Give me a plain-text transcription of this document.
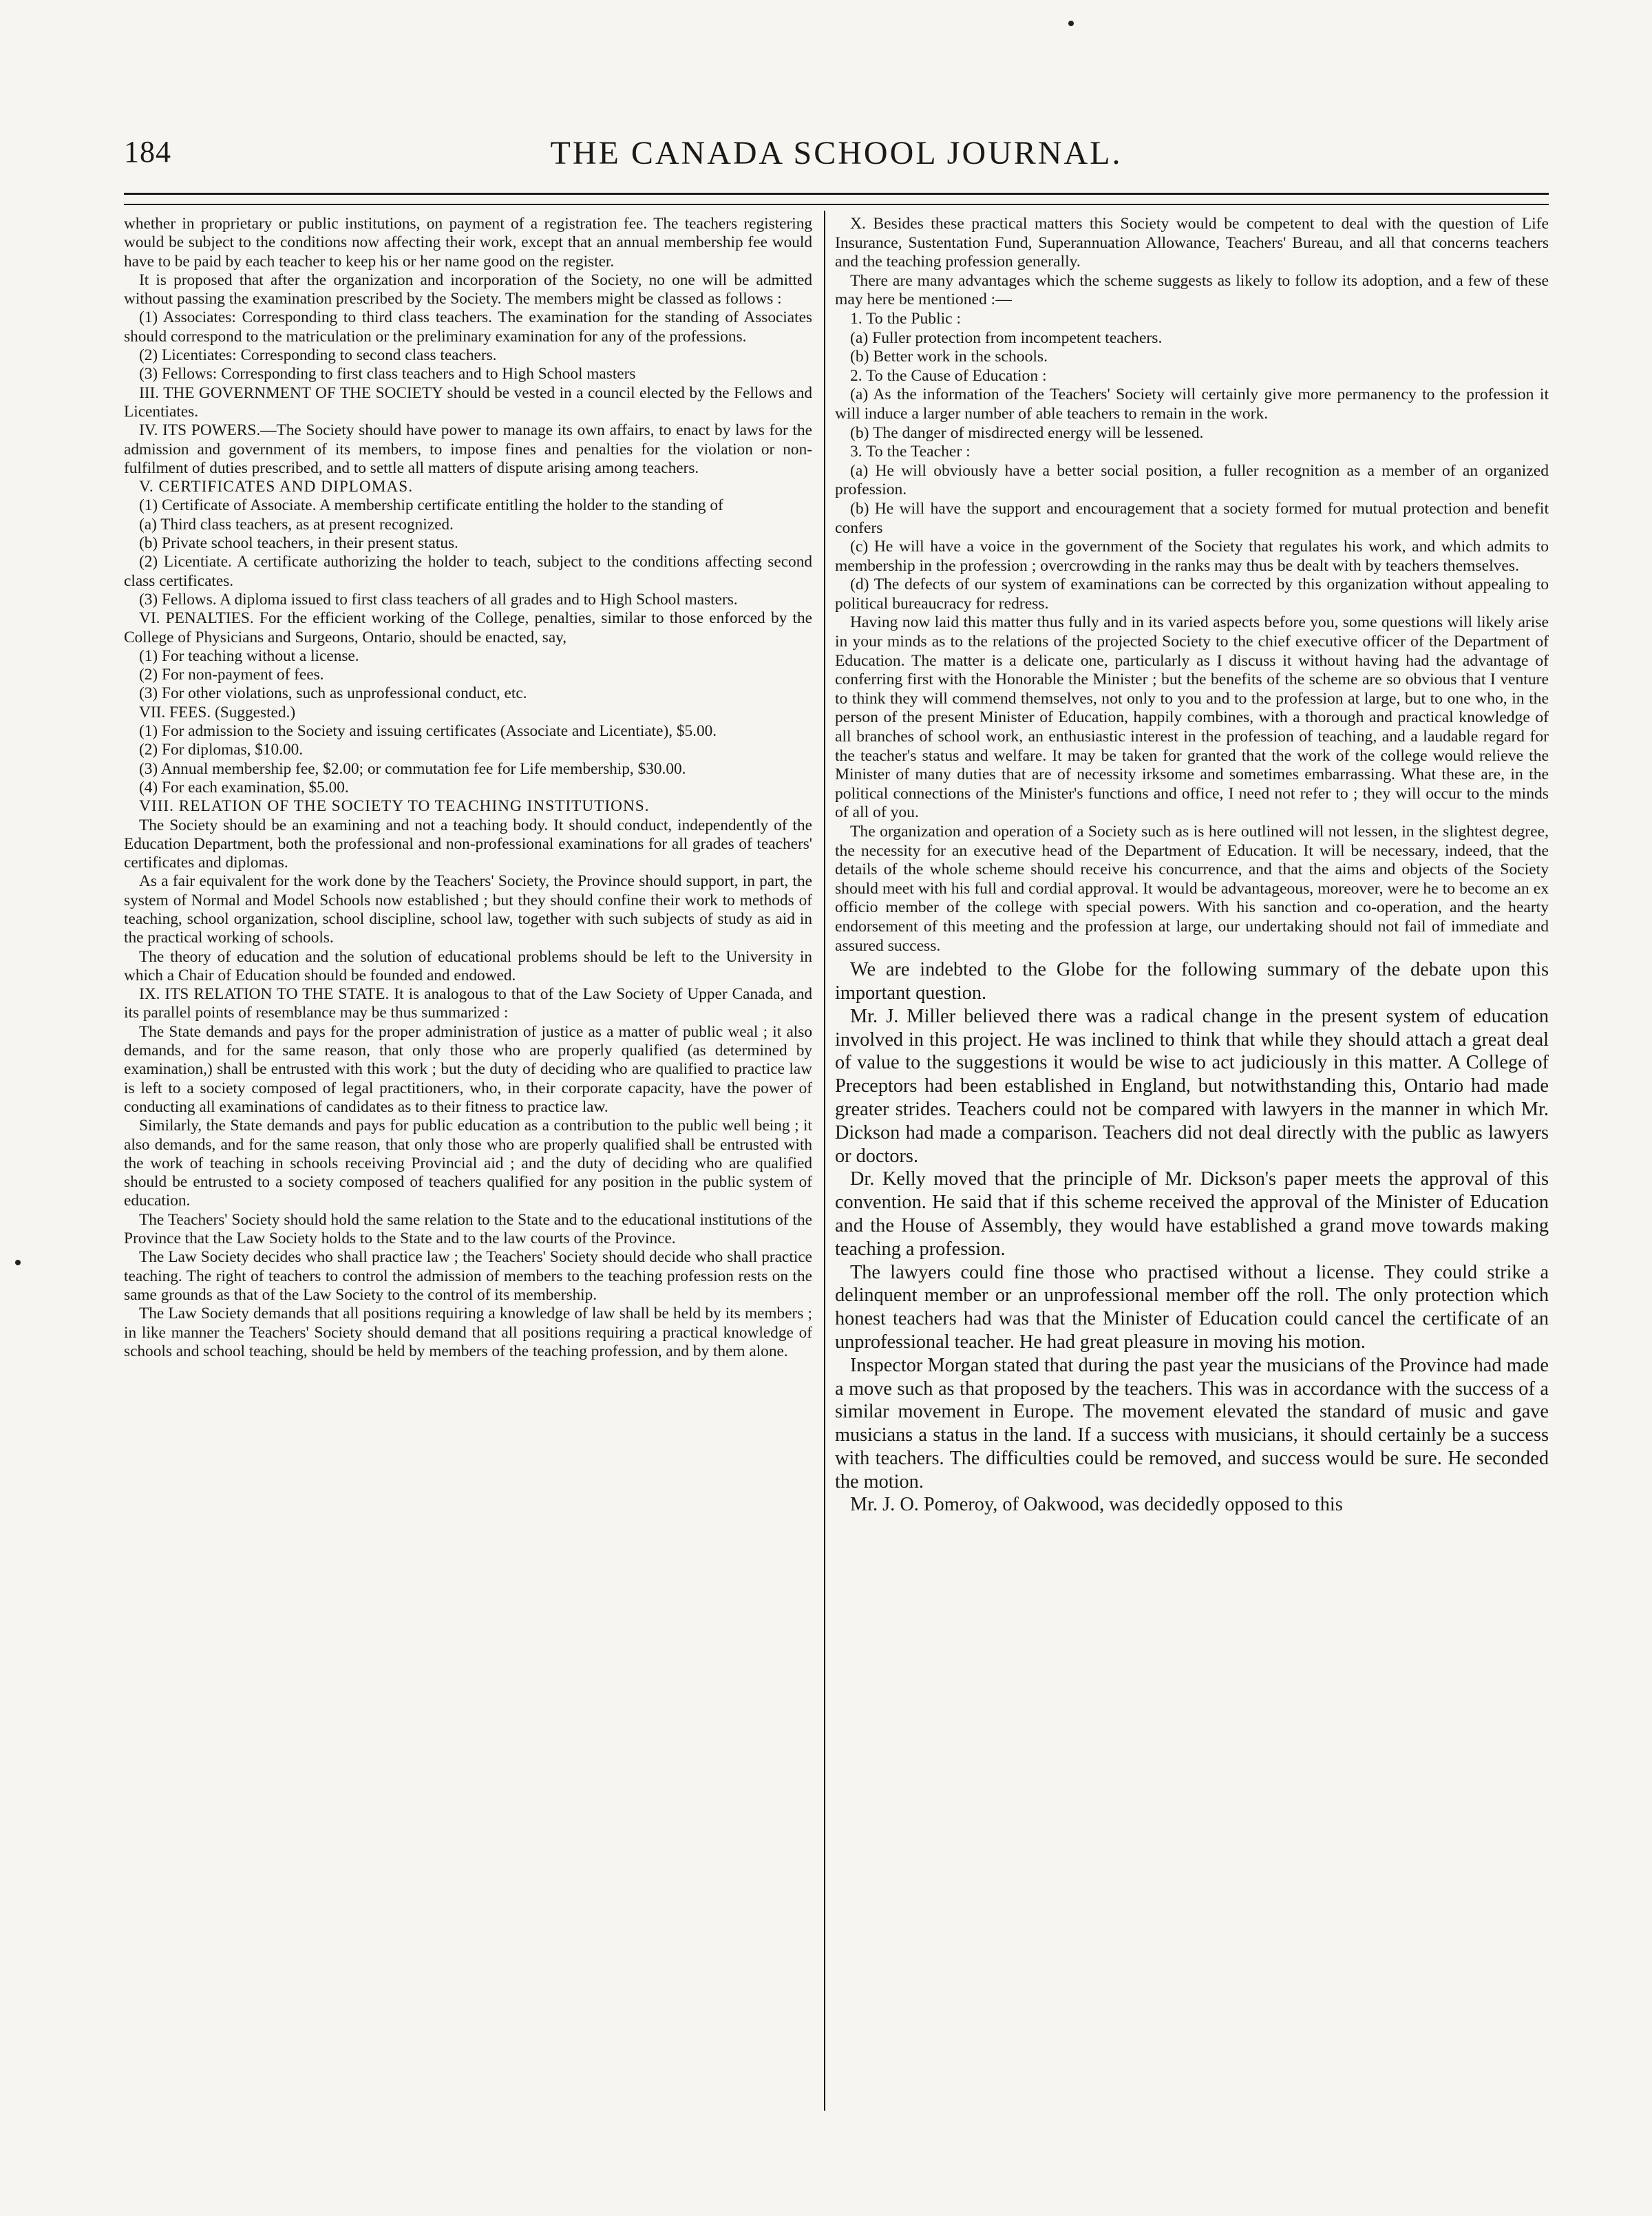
THE CANADA SCHOOL JOURNAL.
184

whether in proprietary or public institutions, on payment of a registration fee. The teachers registering would be subject to the conditions now affecting their work, except that an annual membership fee would have to be paid by each teacher to keep his or her name good on the register.

It is proposed that after the organization and incorporation of the Society, no one will be admitted without passing the examination prescribed by the Society. The members might be classed as follows :

(1) Associates: Corresponding to third class teachers. The examination for the standing of Associates should correspond to the matriculation or the preliminary examination for any of the professions.

(2) Licentiates: Corresponding to second class teachers.

(3) Fellows: Corresponding to first class teachers and to High School masters

III. THE GOVERNMENT OF THE SOCIETY should be vested in a council elected by the Fellows and Licentiates.

IV. ITS POWERS.—The Society should have power to manage its own affairs, to enact by laws for the admission and government of its members, to impose fines and penalties for the violation or non-fulfilment of duties prescribed, and to settle all matters of dispute arising among teachers.

V. CERTIFICATES AND DIPLOMAS.

(1) Certificate of Associate. A membership certificate entitling the holder to the standing of

(a) Third class teachers, as at present recognized.

(b) Private school teachers, in their present status.

(2) Licentiate. A certificate authorizing the holder to teach, subject to the conditions affecting second class certificates.

(3) Fellows. A diploma issued to first class teachers of all grades and to High School masters.

VI. PENALTIES. For the efficient working of the College, penalties, similar to those enforced by the College of Physicians and Surgeons, Ontario, should be enacted, say,

(1) For teaching without a license.

(2) For non-payment of fees.

(3) For other violations, such as unprofessional conduct, etc.

VII. FEES. (Suggested.)

(1) For admission to the Society and issuing certificates (Associate and Licentiate), $5.00.

(2) For diplomas, $10.00.

(3) Annual membership fee, $2.00; or commutation fee for Life membership, $30.00.

(4) For each examination, $5.00.

VIII. RELATION OF THE SOCIETY TO TEACHING INSTITUTIONS.

The Society should be an examining and not a teaching body. It should conduct, independently of the Education Department, both the professional and non-professional examinations for all grades of teachers' certificates and diplomas.

As a fair equivalent for the work done by the Teachers' Society, the Province should support, in part, the system of Normal and Model Schools now established ; but they should confine their work to methods of teaching, school organization, school discipline, school law, together with such subjects of study as aid in the practical working of schools.

The theory of education and the solution of educational problems should be left to the University in which a Chair of Education should be founded and endowed.

IX. ITS RELATION TO THE STATE. It is analogous to that of the Law Society of Upper Canada, and its parallel points of resemblance may be thus summarized :

The State demands and pays for the proper administration of justice as a matter of public weal ; it also demands, and for the same reason, that only those who are properly qualified (as determined by examination,) shall be entrusted with this work ; but the duty of deciding who are qualified to practice law is left to a society composed of legal practitioners, who, in their corporate capacity, have the power of conducting all examinations of candidates as to their fitness to practice law.

Similarly, the State demands and pays for public education as a contribution to the public well being ; it also demands, and for the same reason, that only those who are properly qualified shall be entrusted with the work of teaching in schools receiving Provincial aid ; and the duty of deciding who are qualified should be entrusted to a society composed of teachers qualified for any position in the public system of education.

The Teachers' Society should hold the same relation to the State and to the educational institutions of the Province that the Law Society holds to the State and to the law courts of the Province.

The Law Society decides who shall practice law ; the Teachers' Society should decide who shall practice teaching. The right of teachers to control the admission of members to the teaching profession rests on the same grounds as that of the Law Society to the control of its membership.

The Law Society demands that all positions requiring a knowledge of law shall be held by its members ; in like manner the Teachers' Society should demand that all positions requiring a practical knowledge of schools and school teaching, should be held by members of the teaching profession, and by them alone.

X. Besides these practical matters this Society would be competent to deal with the question of Life Insurance, Sustentation Fund, Superannuation Allowance, Teachers' Bureau, and all that concerns teachers and the teaching profession generally.

There are many advantages which the scheme suggests as likely to follow its adoption, and a few of these may here be mentioned :—

1. To the Public :

(a) Fuller protection from incompetent teachers.

(b) Better work in the schools.

2. To the Cause of Education :

(a) As the information of the Teachers' Society will certainly give more permanency to the profession it will induce a larger number of able teachers to remain in the work.

(b) The danger of misdirected energy will be lessened.

3. To the Teacher :

(a) He will obviously have a better social position, a fuller recognition as a member of an organized profession.

(b) He will have the support and encouragement that a society formed for mutual protection and benefit confers

(c) He will have a voice in the government of the Society that regulates his work, and which admits to membership in the profession ; overcrowding in the ranks may thus be dealt with by teachers themselves.

(d) The defects of our system of examinations can be corrected by this organization without appealing to political bureaucracy for redress.

Having now laid this matter thus fully and in its varied aspects before you, some questions will likely arise in your minds as to the relations of the projected Society to the chief executive officer of the Department of Education. The matter is a delicate one, particularly as I discuss it without having had the advantage of conferring first with the Honorable the Minister ; but the benefits of the scheme are so obvious that I venture to think they will commend themselves, not only to you and to the profession at large, but to one who, in the person of the present Minister of Education, happily combines, with a thorough and practical knowledge of all branches of school work, an enthusiastic interest in the profession of teaching, and a laudable regard for the teacher's status and welfare. It may be taken for granted that the work of the college would relieve the Minister of many duties that are of necessity irksome and sometimes embarrassing. What these are, in the political connections of the Minister's functions and office, I need not refer to ; they will occur to the minds of all of you.

The organization and operation of a Society such as is here outlined will not lessen, in the slightest degree, the necessity for an executive head of the Department of Education. It will be necessary, indeed, that the details of the whole scheme should receive his concurrence, and that the aims and objects of the Society should meet with his full and cordial approval. It would be advantageous, moreover, were he to become an ex officio member of the college with special powers. With his sanction and co-operation, and the hearty endorsement of this meeting and the profession at large, our undertaking should not fail of immediate and assured success.

We are indebted to the Globe for the following summary of the debate upon this important question.

Mr. J. Miller believed there was a radical change in the present system of education involved in this project. He was inclined to think that while they should attach a great deal of value to the suggestions it would be wise to act judiciously in this matter. A College of Preceptors had been established in England, but notwithstanding this, Ontario had made greater strides. Teachers could not be compared with lawyers in the manner in which Mr. Dickson had made a comparison. Teachers did not deal directly with the public as lawyers or doctors.

Dr. Kelly moved that the principle of Mr. Dickson's paper meets the approval of this convention. He said that if this scheme received the approval of the Minister of Education and the House of Assembly, they would have established a grand move towards making teaching a profession.

The lawyers could fine those who practised without a license. They could strike a delinquent member or an unprofessional member off the roll. The only protection which honest teachers had was that the Minister of Education could cancel the certificate of an unprofessional teacher. He had great pleasure in moving his motion.

Inspector Morgan stated that during the past year the musicians of the Province had made a move such as that proposed by the teachers. This was in accordance with the success of a similar movement in Europe. The movement elevated the standard of music and gave musicians a status in the land. If a success with musicians, it should certainly be a success with teachers. The difficulties could be removed, and success would be sure. He seconded the motion.

Mr. J. O. Pomeroy, of Oakwood, was decidedly opposed to this
